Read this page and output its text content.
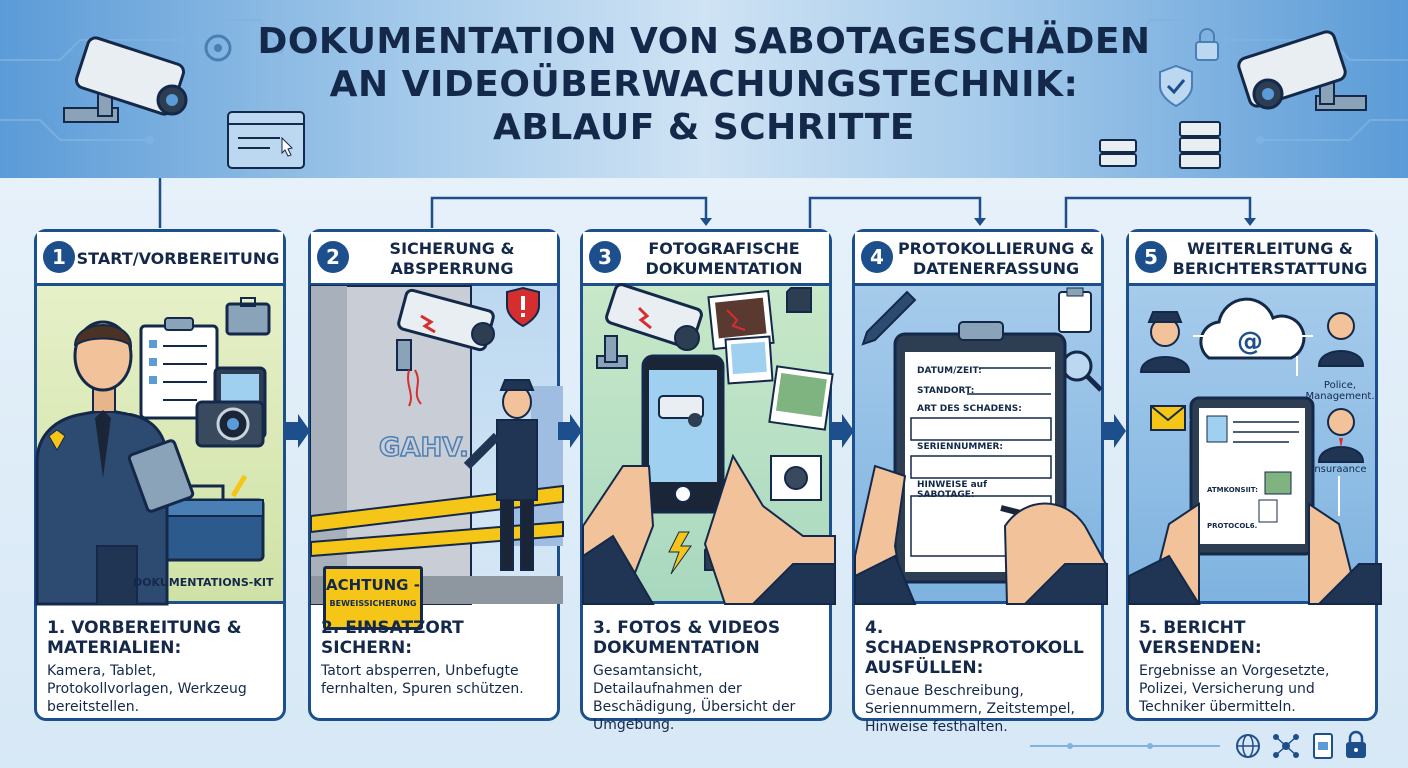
DOKUMENTATION VON SABOTAGESCHÄDEN
AN VIDEOÜBERWACHUNGSTECHNIK:
ABLAUF & SCHRITTE
1 START/VORBEREITUNG
DOKUMENTATIONS-KIT
1. VORBEREITUNG & MATERIALIEN:
Kamera, Tablet, Protokollvorlagen, Werkzeug bereitstellen.
2	SICHERUNG & ABSPERRUNG
GAHV.
ACHTUNG -
BEWEISSICHERUNG
2. EINSATZORT SICHERN:
Tatort absperren, Unbefugte fernhalten, Spuren schützen.
3	FOTOGRAFISCHE DOKUMENTATION
3. FOTOS & VIDEOS DOKUMENTATION
Gesamtansicht, Detailaufnahmen der Beschädigung, Übersicht der Umgebung.
4 PROTOKOLLIERUNG & DATENERFASSUNG
DATUM/ZEIT:
STANDORT:
ART DES SCHADENS:
SERIENNUMMER:
HINWEISE auf SABOTAGE:
4. SCHADENSPROTOKOLL AUSFÜLLEN:
Genaue Beschreibung, Seriennummern, Zeitstempel, Hinweise festhalten.
5	WEITERLEITUNG & BERICHTERSTATTUNG
@
Police, Management.
Insuraance
ATMKONSIIT:
PROTOCOL6.
5. BERICHT VERSENDEN:
Ergebnisse an Vorgesetzte, Polizei, Versicherung und Techniker übermitteln.
